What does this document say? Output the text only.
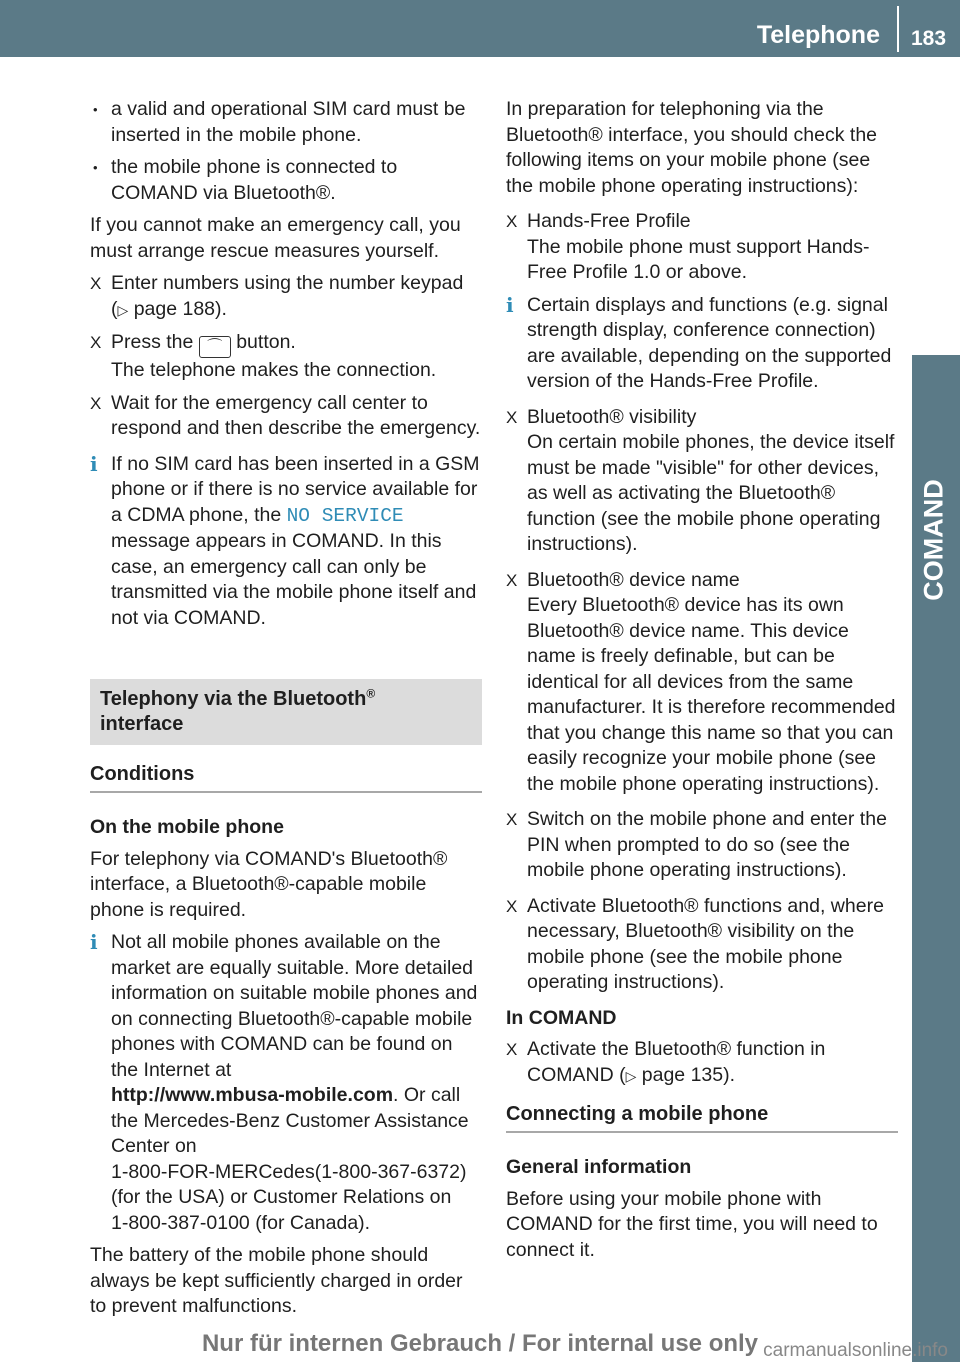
Telephone 183
COMAND
• a valid and operational SIM card must be inserted in the mobile phone.
• the mobile phone is connected to COMAND via Bluetooth®.

If you cannot make an emergency call, you must arrange rescue measures yourself.

X Enter numbers using the number keypad (▷ page 188).
X Press the ⌒ button.
The telephone makes the connection.
X Wait for the emergency call center to respond and then describe the emergency.
i If no SIM card has been inserted in a GSM phone or if there is no service available for a CDMA phone, the NO SERVICE message appears in COMAND. In this case, an emergency call can only be transmitted via the mobile phone itself and not via COMAND.
Telephony via the Bluetooth®
interface
Conditions
On the mobile phone

For telephony via COMAND's Bluetooth® interface, a Bluetooth®-capable mobile phone is required.

i Not all mobile phones available on the market are equally suitable. More detailed information on suitable mobile phones and on connecting Bluetooth®-capable mobile phones with COMAND can be found on the Internet at
http://www.mbusa-mobile.com. Or call the Mercedes-Benz Customer Assistance Center on
1-800-FOR-MERCedes(1-800-367-6372)
(for the USA) or Customer Relations on
1-800-387-0100 (for Canada).

The battery of the mobile phone should always be kept sufficiently charged in order to prevent malfunctions.

In preparation for telephoning via the Bluetooth® interface, you should check the following items on your mobile phone (see the mobile phone operating instructions):

X Hands-Free Profile
The mobile phone must support Hands-Free Profile 1.0 or above.
i Certain displays and functions (e.g. signal strength display, conference connection) are available, depending on the supported version of the Hands-Free Profile.
X Bluetooth® visibility
On certain mobile phones, the device itself must be made "visible" for other devices, as well as activating the Bluetooth® function (see the mobile phone operating instructions).
X Bluetooth® device name
Every Bluetooth® device has its own Bluetooth® device name. This device name is freely definable, but can be identical for all devices from the same manufacturer. It is therefore recommended that you change this name so that you can easily recognize your mobile phone (see the mobile phone operating instructions).
X Switch on the mobile phone and enter the PIN when prompted to do so (see the mobile phone operating instructions).
X Activate Bluetooth® functions and, where necessary, Bluetooth® visibility on the mobile phone (see the mobile phone operating instructions).
In COMAND
X Activate the Bluetooth® function in COMAND (▷ page 135).
Connecting a mobile phone
General information

Before using your mobile phone with COMAND for the first time, you will need to connect it.

Nur für internen Gebrauch / For internal use only carmanualsonline.info
